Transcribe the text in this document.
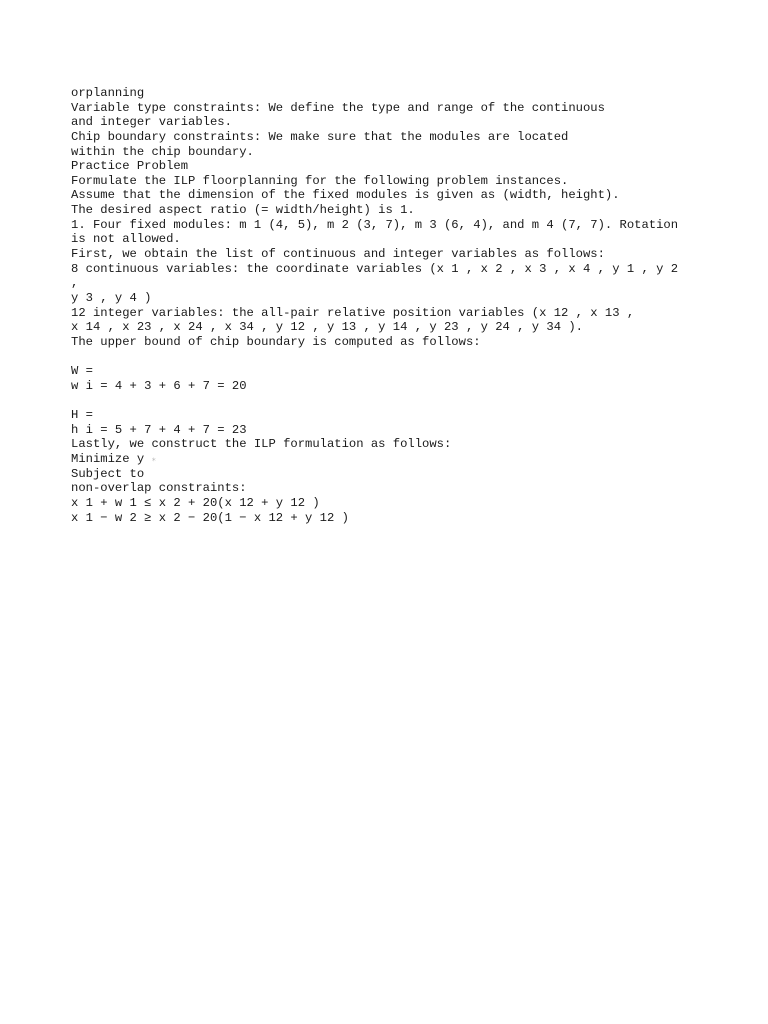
orplanning
Variable type constraints: We define the type and range of the continuous
and integer variables.
Chip boundary constraints: We make sure that the modules are located
within the chip boundary.
Practice Problem
Formulate the ILP floorplanning for the following problem instances.
Assume that the dimension of the fixed modules is given as (width, height).
The desired aspect ratio (= width/height) is 1.
1. Four fixed modules: m 1 (4, 5), m 2 (3, 7), m 3 (6, 4), and m 4 (7, 7). Rotation
is not allowed.
First, we obtain the list of continuous and integer variables as follows:
8 continuous variables: the coordinate variables (x 1 , x 2 , x 3 , x 4 , y 1 , y 2
,
y 3 , y 4 )
12 integer variables: the all-pair relative position variables (x 12 , x 13 ,
x 14 , x 23 , x 24 , x 34 , y 12 , y 13 , y 14 , y 23 , y 24 , y 34 ).
The upper bound of chip boundary is computed as follows:
W =
w i = 4 + 3 + 6 + 7 = 20
H =
h i = 5 + 7 + 4 + 7 = 23
Lastly, we construct the ILP formulation as follows:
Minimize y ∗
Subject to
non-overlap constraints:
x 1 + w 1 ≤ x 2 + 20(x 12 + y 12 )
x 1 − w 2 ≥ x 2 − 20(1 − x 12 + y 12 )
